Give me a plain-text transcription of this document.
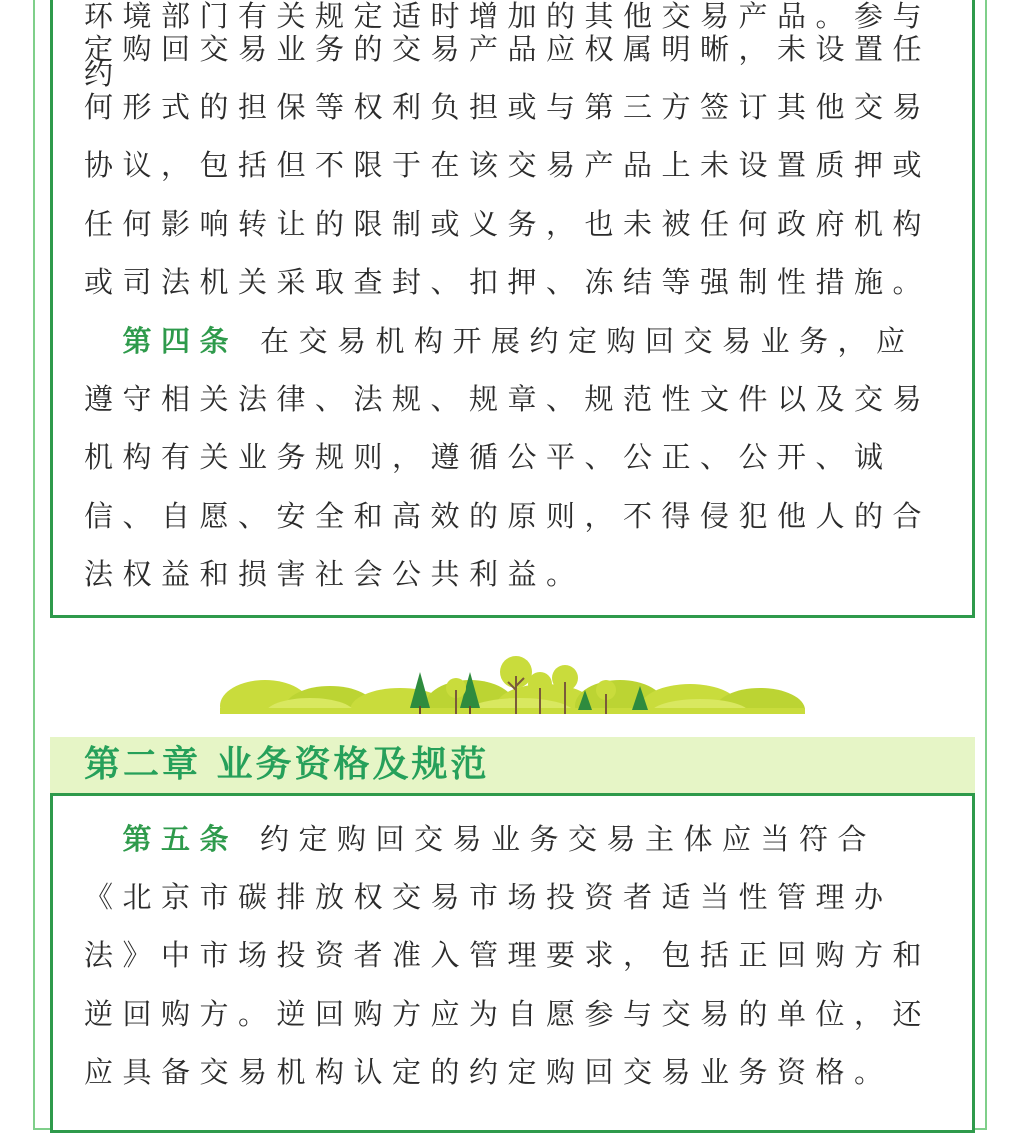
环境部门有关规定适时增加的其他交易产品。参与约

定购回交易业务的交易产品应权属明晰，未设置任何形式的担保等权利负担或与第三方签订其他交易协议，包括但不限于在该交易产品上未设置质押或任何影响转让的限制或义务，也未被任何政府机构或司法机关采取查封、扣押、冻结等强制性措施。

 第四条 在交易机构开展约定购回交易业务，应遵守相关法律、法规、规章、规范性文件以及交易机构有关业务规则，遵循公平、公正、公开、诚信、自愿、安全和高效的原则，不得侵犯他人的合法权益和损害社会公共利益。

第二章 业务资格及规范

 第五条 约定购回交易业务交易主体应当符合《北京市碳排放权交易市场投资者适当性管理办法》中市场投资者准入管理要求，包括正回购方和逆回购方。逆回购方应为自愿参与交易的单位，还应具备交易机构认定的约定购回交易业务资格。
